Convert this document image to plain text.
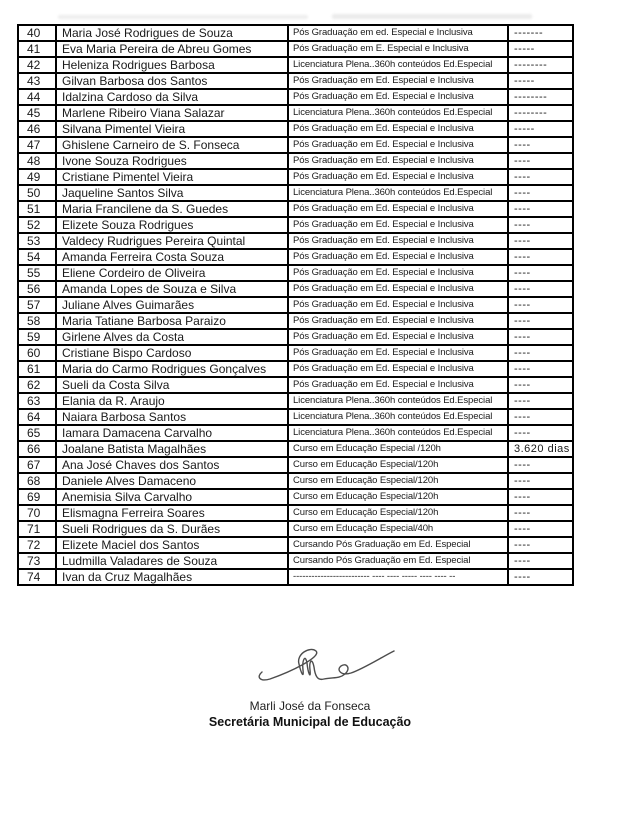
40	Maria José Rodrigues de Souza	Pós Graduação em ed. Especial e Inclusiva	-------
41	Eva Maria Pereira de Abreu Gomes	Pós Graduação em E. Especial e Inclusiva	-----
42	Heleniza Rodrigues Barbosa	Licenciatura Plena..360h conteúdos Ed.Especial	--------
43	Gilvan Barbosa dos Santos	Pós Graduação em Ed. Especial e Inclusiva	-----
44	Idalzina Cardoso da Silva	Pós Graduação em Ed. Especial e Inclusiva	--------
45	Marlene Ribeiro Viana Salazar	Licenciatura Plena..360h conteúdos Ed.Especial	--------
46	Silvana Pimentel Vieira	Pós Graduação em Ed. Especial e Inclusiva	-----
47	Ghislene Carneiro de S. Fonseca	Pós Graduação em Ed. Especial e Inclusiva	----
48	Ivone Souza Rodrigues	Pós Graduação em Ed. Especial e Inclusiva	----
49	Cristiane Pimentel Vieira	Pós Graduação em Ed. Especial e Inclusiva	----
50	Jaqueline Santos Silva	Licenciatura Plena..360h conteúdos Ed.Especial	----
51	Maria Francilene da S. Guedes	Pós Graduação em Ed. Especial e Inclusiva	----
52	Elizete Souza Rodrigues	Pós Graduação em Ed. Especial e Inclusiva	----
53	Valdecy Rudrigues Pereira Quintal	Pós Graduação em Ed. Especial e Inclusiva	----
54	Amanda Ferreira Costa Souza	Pós Graduação em Ed. Especial e Inclusiva	----
55	Eliene Cordeiro de Oliveira	Pós Graduação em Ed. Especial e Inclusiva	----
56	Amanda Lopes de Souza e Silva	Pós Graduação em Ed. Especial e Inclusiva	----
57	Juliane Alves Guimarães	Pós Graduação em Ed. Especial e Inclusiva	----
58	Maria Tatiane Barbosa Paraizo	Pós Graduação em Ed. Especial e Inclusiva	----
59	Girlene Alves da Costa	Pós Graduação em Ed. Especial e Inclusiva	----
60	Cristiane Bispo Cardoso	Pós Graduação em Ed. Especial e Inclusiva	----
61	Maria do Carmo Rodrigues Gonçalves	Pós Graduação em Ed. Especial e Inclusiva	----
62	Sueli da Costa Silva	Pós Graduação em Ed. Especial e Inclusiva	----
63	Elania da R. Araujo	Licenciatura Plena..360h conteúdos Ed.Especial	----
64	Naiara Barbosa Santos	Licenciatura Plena..360h conteúdos Ed.Especial	----
65	Iamara Damacena Carvalho	Licenciatura Plena..360h conteúdos Ed.Especial	----
66	Joalane Batista Magalhães	Curso em Educação Especial /120h	3.620 dias
67	Ana José Chaves dos Santos	Curso em Educação Especial/120h	----
68	Daniele Alves Damaceno	Curso em Educação Especial/120h	----
69	Anemisia Silva Carvalho	Curso em Educação Especial/120h	----
70	Elismagna Ferreira Soares	Curso em Educação Especial/120h	----
71	Sueli Rodrigues da S. Durães	Curso em Educação Especial/40h	----
72	Elizete Maciel dos Santos	Cursando Pós Graduação em Ed. Especial	----
73	Ludmilla Valadares de Souza	Cursando Pós Graduação em Ed. Especial	----
74	Ivan da Cruz Magalhães	------------------------- ---- ---- ----- ---- ---- --	----
Marli José da Fonseca
Secretária Municipal de Educação
